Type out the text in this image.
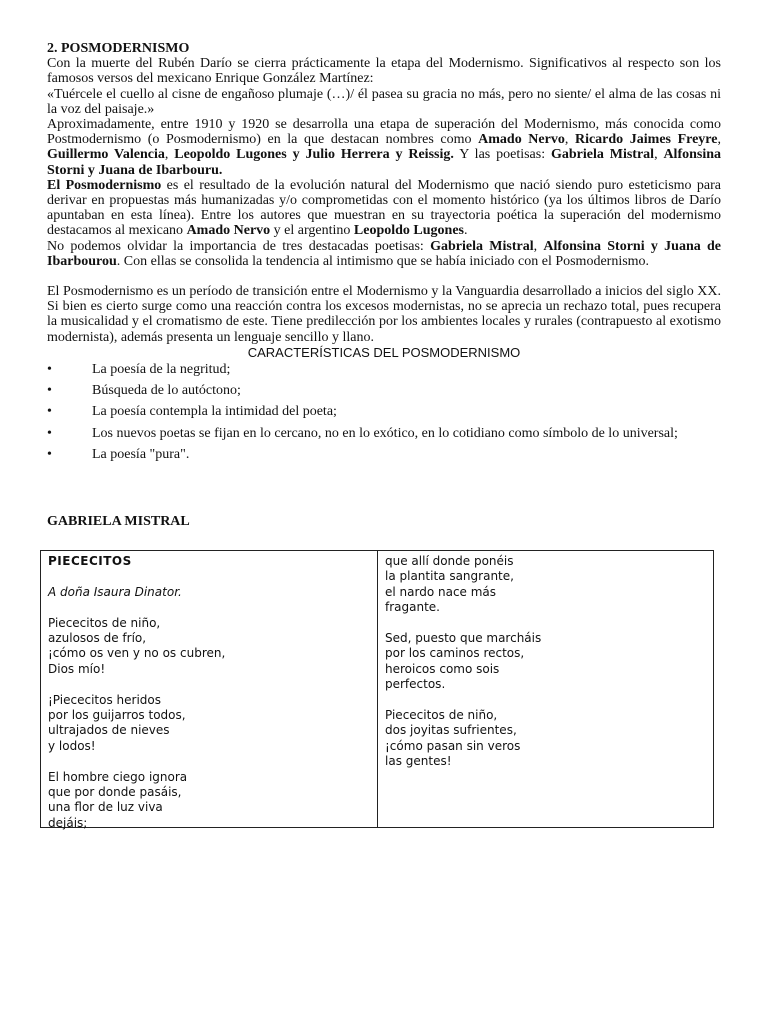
2. POSMODERNISMO

Con la muerte del Rubén Darío se cierra prácticamente la etapa del Modernismo. Significativos al respecto son los famosos versos del mexicano Enrique González Martínez:

«Tuércele el cuello al cisne de engañoso plumaje (…)/ él pasea su gracia no más, pero no siente/ el alma de las cosas ni la voz del paisaje.»

Aproximadamente, entre 1910 y 1920 se desarrolla una etapa de superación del Modernismo, más conocida como Postmodernismo (o Posmodernismo) en la que destacan nombres como Amado Nervo, Ricardo Jaimes Freyre, Guillermo Valencia, Leopoldo Lugones y Julio Herrera y Reissig. Y las poetisas: Gabriela Mistral, Alfonsina Storni y Juana de Ibarbouru.

El Posmodernismo es el resultado de la evolución natural del Modernismo que nació siendo puro esteticismo para derivar en propuestas más humanizadas y/o comprometidas con el momento histórico (ya los últimos libros de Darío apuntaban en esta línea). Entre los autores que muestran en su trayectoria poética la superación del modernismo destacamos al mexicano Amado Nervo y el argentino Leopoldo Lugones.

No podemos olvidar la importancia de tres destacadas poetisas: Gabriela Mistral, Alfonsina Storni y Juana de Ibarbourou. Con ellas se consolida la tendencia al intimismo que se había iniciado con el Posmodernismo.

El Posmodernismo es un período de transición entre el Modernismo y la Vanguardia desarrollado a inicios del siglo XX. Si bien es cierto surge como una reacción contra los excesos modernistas, no se aprecia un rechazo total, pues recupera la musicalidad y el cromatismo de este. Tiene predilección por los ambientes locales y rurales (contrapuesto al exotismo modernista), además presenta un lenguaje sencillo y llano.

CARACTERÍSTICAS DEL POSMODERNISMO

•	La poesía de la negritud;
•	Búsqueda de lo autóctono;
•	La poesía contempla la intimidad del poeta;
•	Los nuevos poetas se fijan en lo cercano, no en lo exótico, en lo cotidiano como símbolo de lo universal;
•	La poesía "pura".
GABRIELA MISTRAL
PIECECITOS
A doña Isaura Dinator.
Piececitos de niño,
azulosos de frío,
¡cómo os ven y no os cubren,
Dios mío!
¡Piececitos heridos
por los guijarros todos,
ultrajados de nieves
y lodos!
El hombre ciego ignora
que por donde pasáis,
una flor de luz viva
dejáis;
que allí donde ponéis
la plantita sangrante,
el nardo nace más
fragante.
Sed, puesto que marcháis
por los caminos rectos,
heroicos como sois
perfectos.
Piececitos de niño,
dos joyitas sufrientes,
¡cómo pasan sin veros
las gentes!
